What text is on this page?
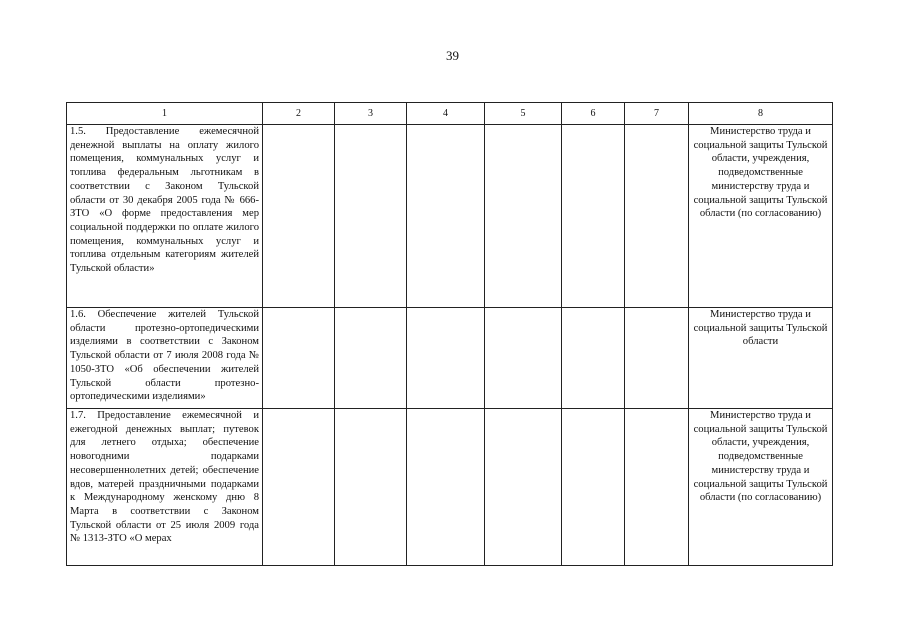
39
1	2	3	4	5	6	7	8
1.5. Предоставление ежемесячной денежной выплаты на оплату жилого помещения, коммунальных услуг и топлива федеральным льготникам в соответствии с Законом Тульской области от 30 декабря 2005 года № 666-ЗТО «О форме предоставления мер социальной поддержки по оплате жилого помещения, коммунальных услуг и топлива отдельным категориям жителей Тульской области»							Министерство труда и социальной защиты Тульской области, учреждения, подведомственные министерству труда и социальной защиты Тульской области (по согласованию)
1.6. Обеспечение жителей Тульской области протезно-ортопедическими изделиями в соответствии с Законом Тульской области от 7 июля 2008 года № 1050-ЗТО «Об обеспечении жителей Тульской области протезно-ортопедическими изделиями»							Министерство труда и социальной защиты Тульской области

1.7. Предоставление ежемесячной и ежегодной денежных выплат; путевок для летнего отдыха; обеспечение новогодними подарками несовершеннолетних детей; обеспечение вдов, матерей праздничными подарками к Международному женскому дню 8 Марта в соответствии с Законом Тульской области от 25 июля 2009 года № 1313-ЗТО «О мерах							Министерство труда и социальной защиты Тульской области, учреждения, подведомственные министерству труда и социальной защиты Тульской области (по согласованию)
